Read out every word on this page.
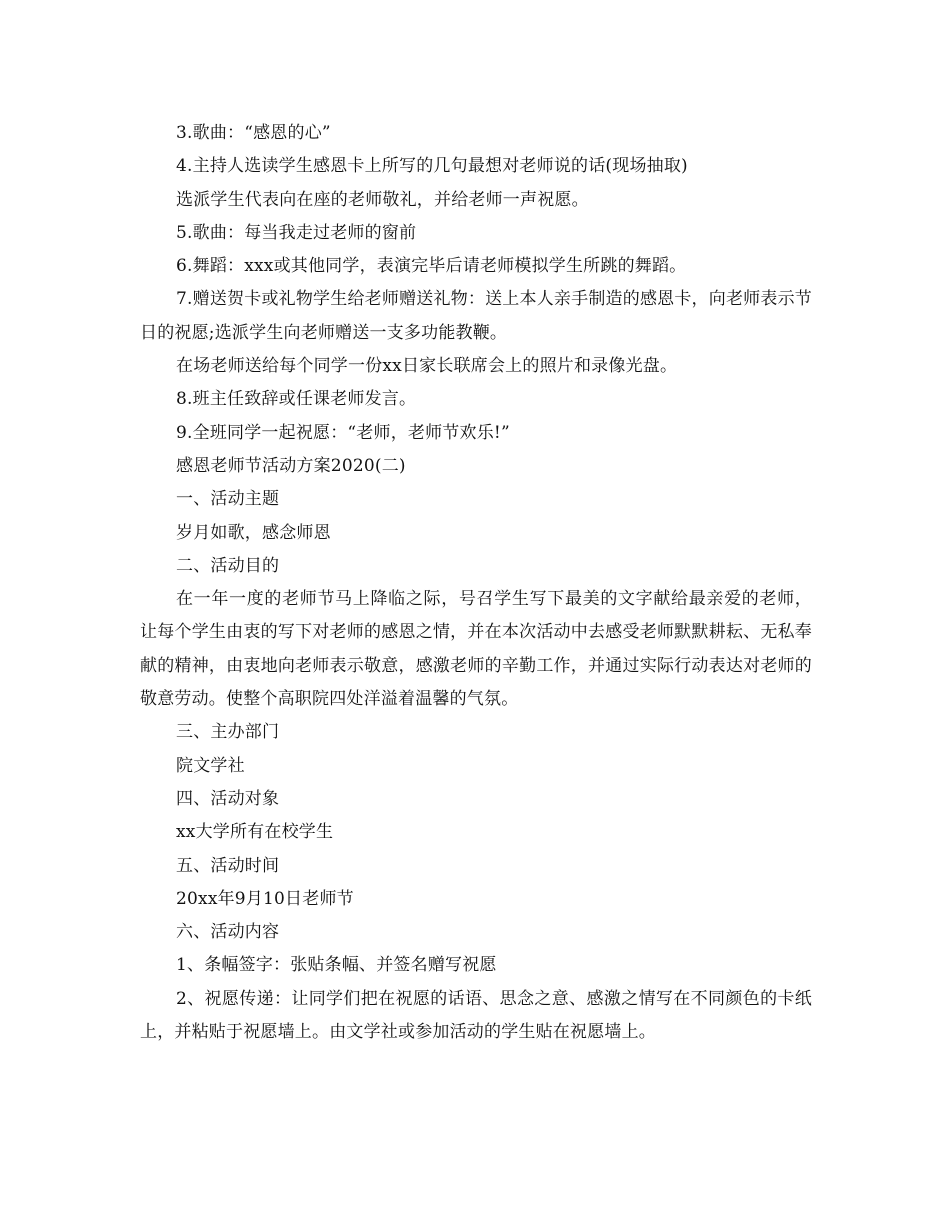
3.歌曲：“感恩的心”

4.主持人选读学生感恩卡上所写的几句最想对老师说的话(现场抽取)

选派学生代表向在座的老师敬礼，并给老师一声祝愿。

5.歌曲：每当我走过老师的窗前

6.舞蹈：xxx或其他同学，表演完毕后请老师模拟学生所跳的舞蹈。

7.赠送贺卡或礼物学生给老师赠送礼物：送上本人亲手制造的感恩卡，向老师表示节日的祝愿;选派学生向老师赠送一支多功能教鞭。

在场老师送给每个同学一份xx日家长联席会上的照片和录像光盘。

8.班主任致辞或任课老师发言。

9.全班同学一起祝愿：“老师，老师节欢乐!”

感恩老师节活动方案2020(二)

一、活动主题

岁月如歌，感念师恩

二、活动目的

在一年一度的老师节马上降临之际，号召学生写下最美的文字献给最亲爱的老师，让每个学生由衷的写下对老师的感恩之情，并在本次活动中去感受老师默默耕耘、无私奉献的精神，由衷地向老师表示敬意，感激老师的辛勤工作，并通过实际行动表达对老师的敬意劳动。使整个高职院四处洋溢着温馨的气氛。

三、主办部门

院文学社

四、活动对象

xx大学所有在校学生

五、活动时间

20xx年9月10日老师节

六、活动内容

1、条幅签字：张贴条幅、并签名赠写祝愿

2、祝愿传递：让同学们把在祝愿的话语、思念之意、感激之情写在不同颜色的卡纸上，并粘贴于祝愿墙上。由文学社或参加活动的学生贴在祝愿墙上。
